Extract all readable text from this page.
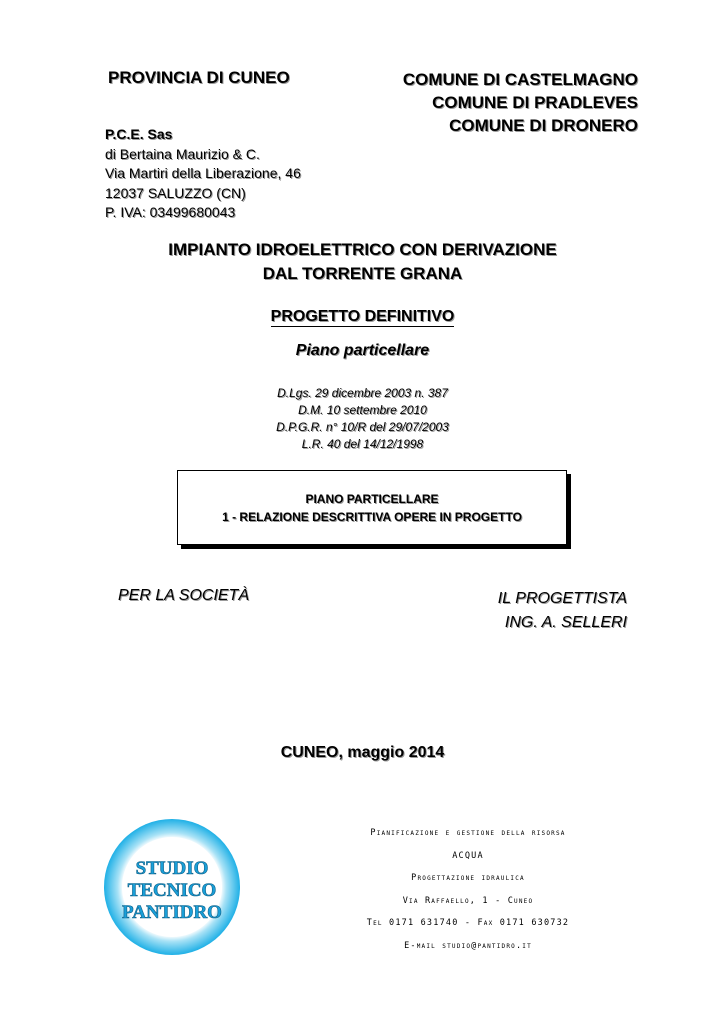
PROVINCIA DI CUNEO	COMUNE DI CASTELMAGNO
COMUNE DI PRADLEVES
COMUNE DI DRONERO
P.C.E. Sas
di Bertaina Maurizio & C.
Via Martiri della Liberazione, 46
12037 SALUZZO (CN)
P. IVA: 03499680043
IMPIANTO IDROELETTRICO CON DERIVAZIONE
DAL TORRENTE GRANA
PROGETTO DEFINITIVO
Piano particellare
D.Lgs. 29 dicembre 2003 n. 387
D.M. 10 settembre 2010
D.P.G.R. n° 10/R del 29/07/2003
L.R. 40 del 14/12/1998
PIANO PARTICELLARE
1 - RELAZIONE DESCRITTIVA OPERE IN PROGETTO
PER LA SOCIETÀ	IL PROGETTISTA
ING. A. SELLERI
CUNEO, maggio 2014
STUDIO
TECNICO
PANTIDRO
Pianificazione e gestione della risorsa
ACQUA
Progettazione idraulica
Via Raffaello, 1 - Cuneo
Tel 0171 631740 - Fax 0171 630732
E-mail studio@pantidro.it
